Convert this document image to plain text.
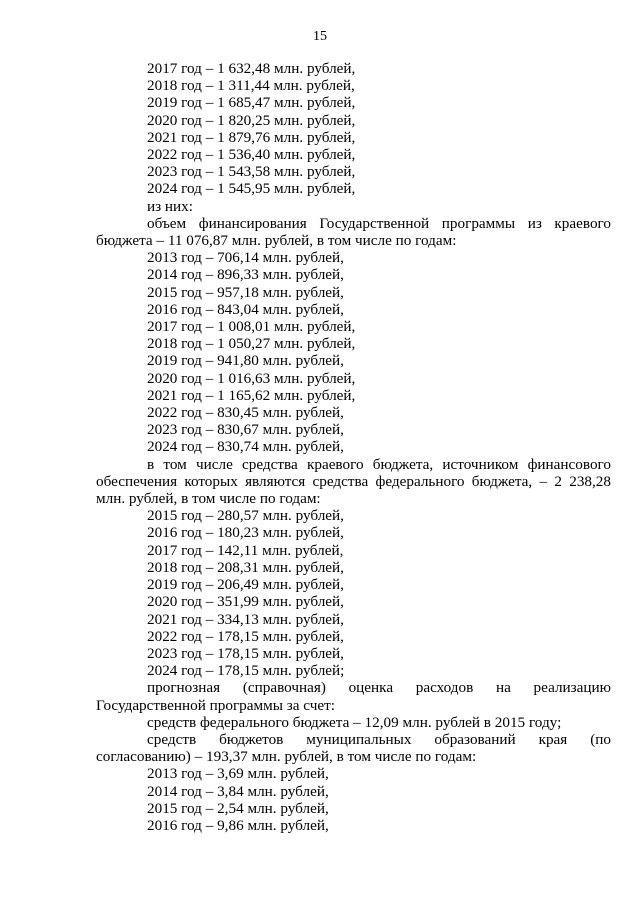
15
2017 год – 1 632,48 млн. рублей,
2018 год – 1 311,44 млн. рублей,
2019 год – 1 685,47 млн. рублей,
2020 год – 1 820,25 млн. рублей,
2021 год – 1 879,76 млн. рублей,
2022 год – 1 536,40 млн. рублей,
2023 год – 1 543,58 млн. рублей,
2024 год – 1 545,95 млн. рублей,
из них:
объем финансирования Государственной программы из краевого бюджета – 11 076,87 млн. рублей, в том числе по годам:
2013 год – 706,14 млн. рублей,
2014 год – 896,33 млн. рублей,
2015 год – 957,18 млн. рублей,
2016 год – 843,04 млн. рублей,
2017 год – 1 008,01 млн. рублей,
2018 год – 1 050,27 млн. рублей,
2019 год – 941,80 млн. рублей,
2020 год – 1 016,63 млн. рублей,
2021 год – 1 165,62 млн. рублей,
2022 год – 830,45 млн. рублей,
2023 год – 830,67 млн. рублей,
2024 год – 830,74 млн. рублей,
в том числе средства краевого бюджета, источником финансового обеспечения которых являются средства федерального бюджета, – 2 238,28 млн. рублей, в том числе по годам:
2015 год – 280,57 млн. рублей,
2016 год – 180,23 млн. рублей,
2017 год – 142,11 млн. рублей,
2018 год – 208,31 млн. рублей,
2019 год – 206,49 млн. рублей,
2020 год – 351,99 млн. рублей,
2021 год – 334,13 млн. рублей,
2022 год – 178,15 млн. рублей,
2023 год – 178,15 млн. рублей,
2024 год – 178,15 млн. рублей;
прогнозная (справочная) оценка расходов на реализацию Государственной программы за счет:
средств федерального бюджета – 12,09 млн. рублей в 2015 году;
средств бюджетов муниципальных образований края (по согласованию) – 193,37 млн. рублей, в том числе по годам:
2013 год – 3,69 млн. рублей,
2014 год – 3,84 млн. рублей,
2015 год – 2,54 млн. рублей,
2016 год – 9,86 млн. рублей,
